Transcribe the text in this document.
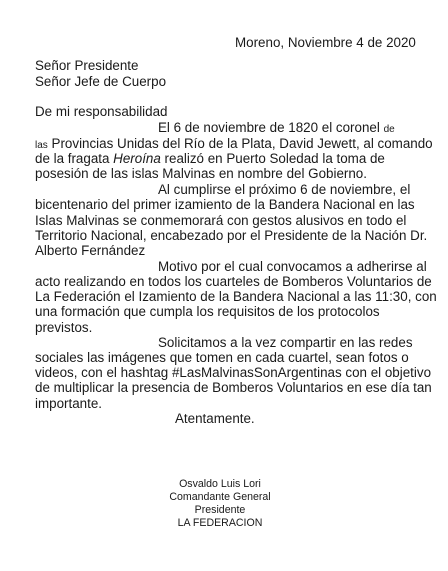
Moreno, Noviembre 4 de 2020
Señor Presidente
Señor Jefe de Cuerpo
De mi responsabilidad
El 6 de noviembre de 1820 el coronel de
las Provincias Unidas del Río de la Plata, David Jewett, al comando
de la fragata Heroína realizó en Puerto Soledad la toma de
posesión de las islas Malvinas en nombre del Gobierno.
Al cumplirse el próximo 6 de noviembre, el
bicentenario del primer izamiento de la Bandera Nacional en las
Islas Malvinas se conmemorará con gestos alusivos en todo el
Territorio Nacional, encabezado por el Presidente de la Nación Dr.
Alberto Fernández
Motivo por el cual convocamos a adherirse al
acto realizando en todos los cuarteles de Bomberos Voluntarios de
La Federación el Izamiento de la Bandera Nacional a las 11:30, con
una formación que cumpla los requisitos de los protocolos
previstos.
Solicitamos a la vez compartir en las redes
sociales las imágenes que tomen en cada cuartel, sean fotos o
videos, con el hashtag #LasMalvinasSonArgentinas con el objetivo
de multiplicar la presencia de Bomberos Voluntarios en ese día tan
importante.
Atentamente.
Osvaldo Luis Lori
Comandante General
Presidente
LA FEDERACION
